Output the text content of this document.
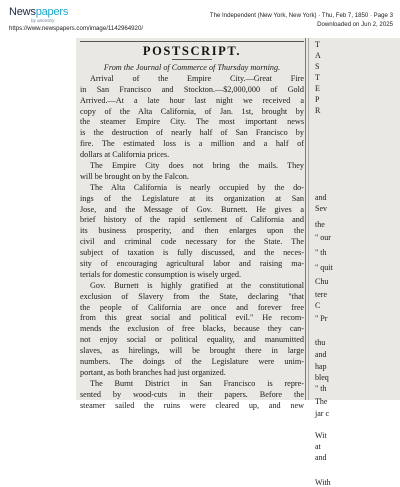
Newspapers
by ancestry
https://www.newspapers.com/image/1142964920/
The Independent (New York, New York) · Thu, Feb 7, 1850 · Page 3
Downloaded on Jun 2, 2025
POSTSCRIPT.
From the Journal of Commerce of Thursday morning.
Arrival of the Empire City.—Great Fire
in San Francisco and Stockton.—$2,000,000 of Gold
Arrived.—At a late hour last night we received a
copy of the Alta California, of Jan. 1st, brought by
the steamer Empire City. The most important news
is the destruction of nearly half of San Francisco by
fire. The estimated loss is a million and a half of
dollars at California prices.
The Empire City does not bring the mails. They
will be brought on by the Falcon.
The Alta California is nearly occupied by the do-
ings of the Legislature at its organization at San
Jose, and the Message of Gov. Burnett. He gives a
brief history of the rapid settlement of California and
its business prosperity, and then enlarges upon the
civil and criminal code necessary for the State. The
subject of taxation is fully discussed, and the neces-
sity of encouraging agricultural labor and raising ma-
terials for domestic consumption is wisely urged.
Gov. Burnett is highly gratified at the constitutional
exclusion of Slavery from the State, declaring "that
the people of California are once and forever free
from this great social and political evil." He recom-
mends the exclusion of free blacks, because they can-
not enjoy social or political equality, and manumitted
slaves, as hirelings, will be brought there in large
numbers. The doings of the Legislature were unim-
portant, as both branches had just organized.
The Burnt District in San Francisco is repre-
sented by wood-cuts in their papers. Before the
steamer sailed the ruins were cleared up, and new
T
A
S
T
E
P
R
and
Sev
the
" our
" th
" quit
Chu
tere
C
" Pr
thu
and
hap
bleq
" th
The
jar c
Wit
at
and
With
